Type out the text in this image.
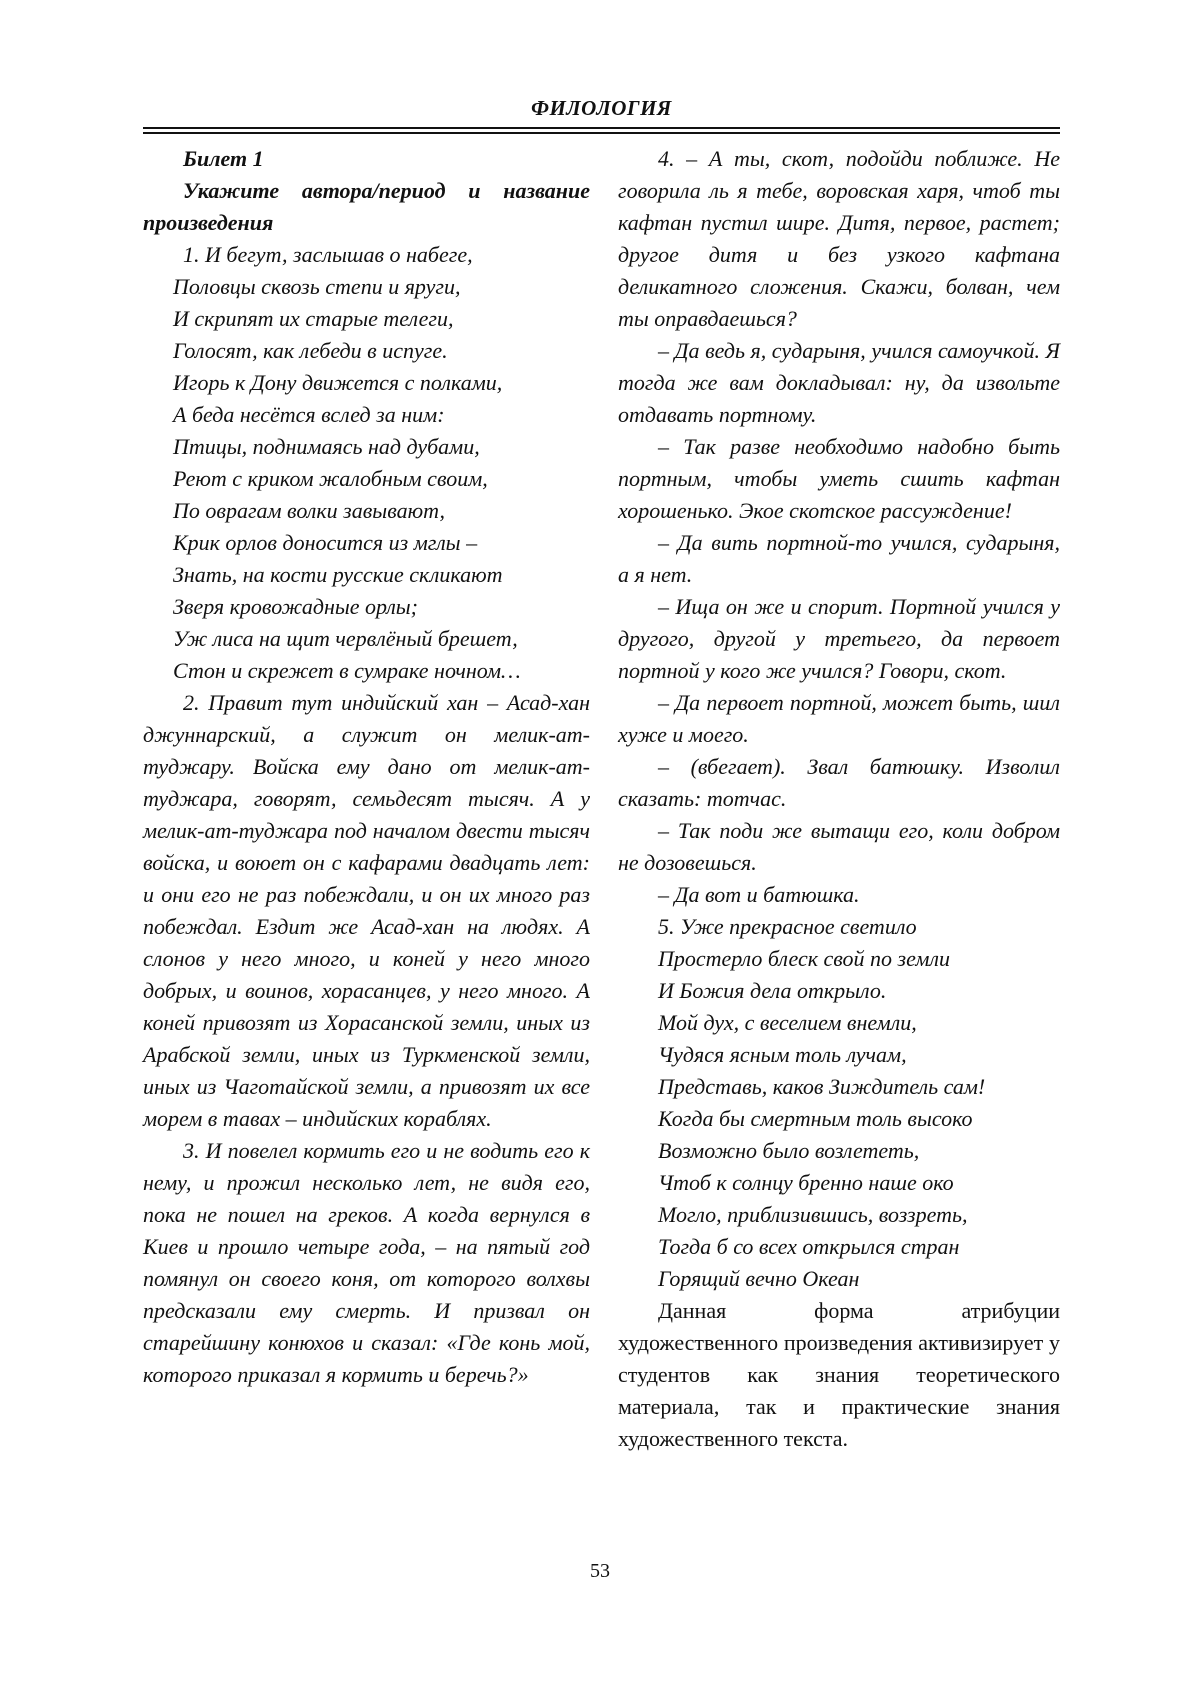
ФИЛОЛОГИЯ

Билет 1

Укажите автора/период и название произведения

1. И бегут, заслышав о набеге,

Половцы сквозь степи и яруги,

И скрипят их старые телеги,

Голосят, как лебеди в испуге.

Игорь к Дону движется с полками,

А беда несётся вслед за ним:

Птицы, поднимаясь над дубами,

Реют с криком жалобным своим,

По оврагам волки завывают,

Крик орлов доносится из мглы –

Знать, на кости русские скликают

Зверя кровожадные орлы;

Уж лиса на щит червлёный брешет,

Стон и скрежет в сумраке ночном…

2. Правит тут индийский хан – Асад-хан джуннарский, а служит он мелик-ат-туджару. Войска ему дано от мелик-ат-туджара, говорят, семьдесят тысяч. А у мелик-ат-туджара под началом двести тысяч войска, и воюет он с кафарами двадцать лет: и они его не раз побеждали, и он их много раз побеждал. Ездит же Асад-хан на людях. А слонов у него много, и коней у него много добрых, и воинов, хорасанцев, у него много. А коней привозят из Хорасанской земли, иных из Арабской земли, иных из Туркменской земли, иных из Чаготайской земли, а привозят их все морем в тавах – индийских кораблях.

3. И повелел кормить его и не водить его к нему, и прожил несколько лет, не видя его, пока не пошел на греков. А когда вернулся в Киев и прошло четыре года, – на пятый год помянул он своего коня, от которого волхвы предсказали ему смерть. И призвал он старейшину конюхов и сказал: «Где конь мой, которого приказал я кормить и беречь?»

4. – А ты, скот, подойди поближе. Не говорила ль я тебе, воровская харя, чтоб ты кафтан пустил шире. Дитя, первое, растет; другое дитя и без узкого кафтана деликатного сложения. Скажи, болван, чем ты оправдаешься?

– Да ведь я, сударыня, учился самоучкой. Я тогда же вам докладывал: ну, да извольте отдавать портному.

– Так разве необходимо надобно быть портным, чтобы уметь сшить кафтан хорошенько. Экое скотское рассуждение!

– Да вить портной-то учился, сударыня, а я нет.

– Ища он же и спорит. Портной учился у другого, другой у третьего, да первоет портной у кого же учился? Говори, скот.

– Да первоет портной, может быть, шил хуже и моего.

– (вбегает). Звал батюшку. Изволил сказать: тотчас.

– Так поди же вытащи его, коли добром не дозовешься.

– Да вот и батюшка.

5. Уже прекрасное светило

Простерло блеск свой по земли

И Божия дела открыло.

Мой дух, с веселием внемли,

Чудяся ясным толь лучам,

Представь, каков Зиждитель сам!

Когда бы смертным толь высоко

Возможно было возлететь,

Чтоб к солнцу бренно наше око

Могло, приблизившись, воззреть,

Тогда б со всех открылся стран

Горящий вечно Океан

Данная форма атрибуции художественного произведения активизирует у студентов как знания теоретического материала, так и практические знания художественного текста.

53
